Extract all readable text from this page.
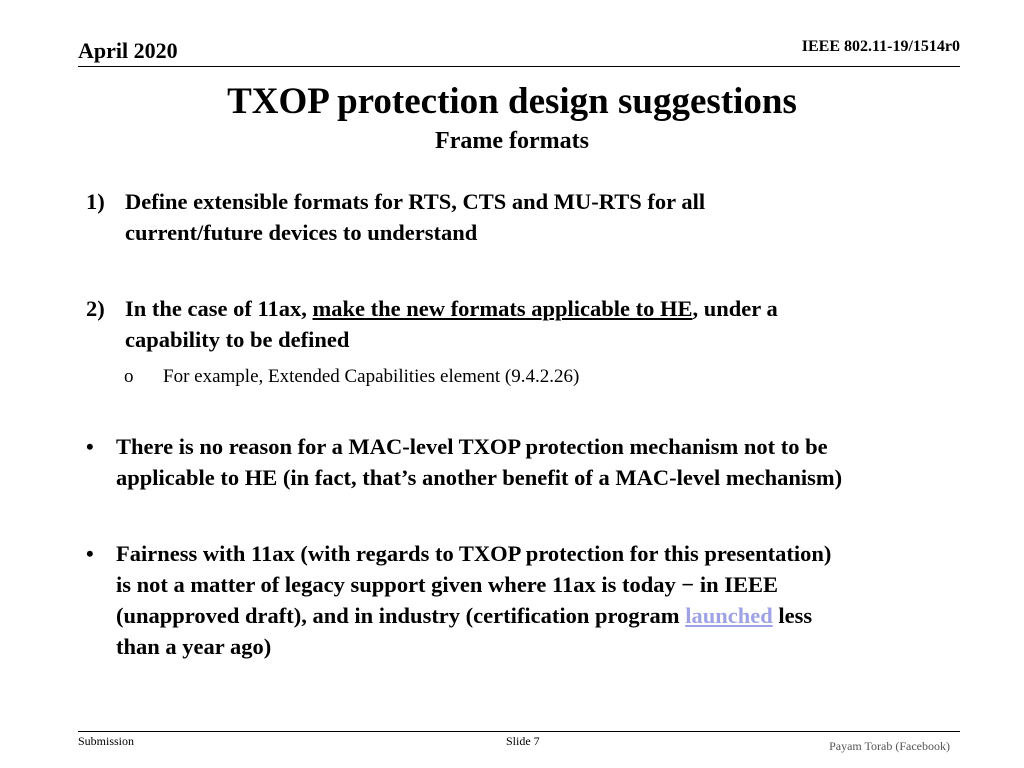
April 2020	IEEE 802.11-19/1514r0
TXOP protection design suggestions
Frame formats
1) Define extensible formats for RTS, CTS and MU-RTS for all
current/future devices to understand
2) In the case of 11ax, make the new formats applicable to HE, under a
capability to be defined
o For example, Extended Capabilities element (9.4.2.26)
• There is no reason for a MAC-level TXOP protection mechanism not to be
applicable to HE (in fact, that’s another benefit of a MAC-level mechanism)
• Fairness with 11ax (with regards to TXOP protection for this presentation)
is not a matter of legacy support given where 11ax is today − in IEEE
(unapproved draft), and in industry (certification program launched less
than a year ago)
Submission	Slide 7	Payam Torab (Facebook)
